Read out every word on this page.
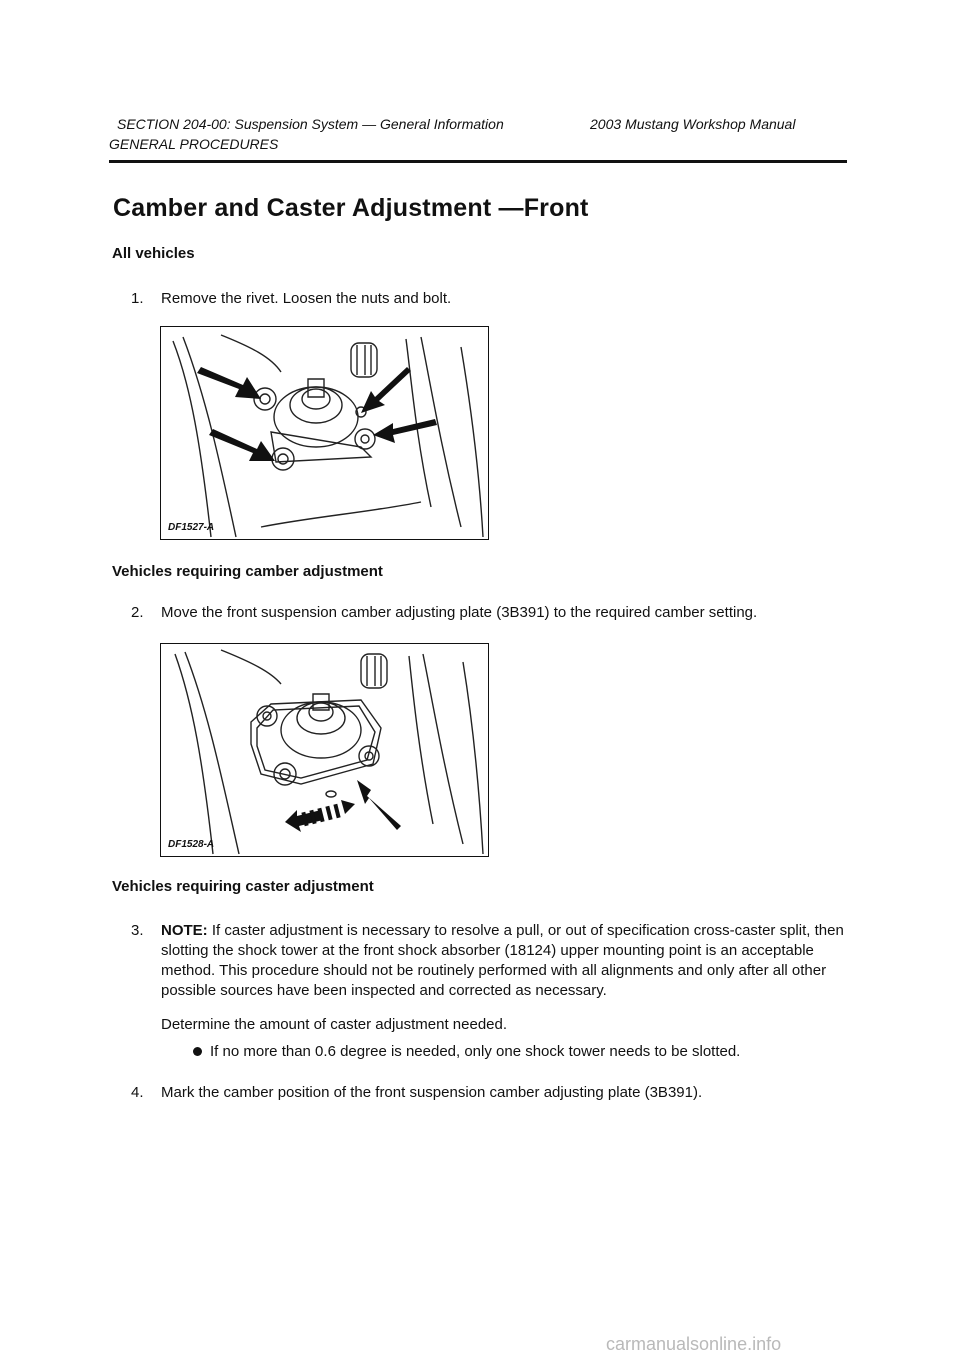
SECTION 204-00: Suspension System — General Information	2003 Mustang Workshop Manual
GENERAL PROCEDURES
Camber and Caster Adjustment —Front
All vehicles
1. Remove the rivet. Loosen the nuts and bolt.
DF1527-A
Vehicles requiring camber adjustment
2. Move the front suspension camber adjusting plate (3B391) to the required camber setting.
DF1528-A
Vehicles requiring caster adjustment
3. NOTE: If caster adjustment is necessary to resolve a pull, or out of specification cross-caster split, then slotting the shock tower at the front shock absorber (18124) upper mounting point is an acceptable method. This procedure should not be routinely performed with all alignments and only after all other possible sources have been inspected and corrected as necessary.
Determine the amount of caster adjustment needed.
If no more than 0.6 degree is needed, only one shock tower needs to be slotted.
4. Mark the camber position of the front suspension camber adjusting plate (3B391).
carmanualsonline.info
